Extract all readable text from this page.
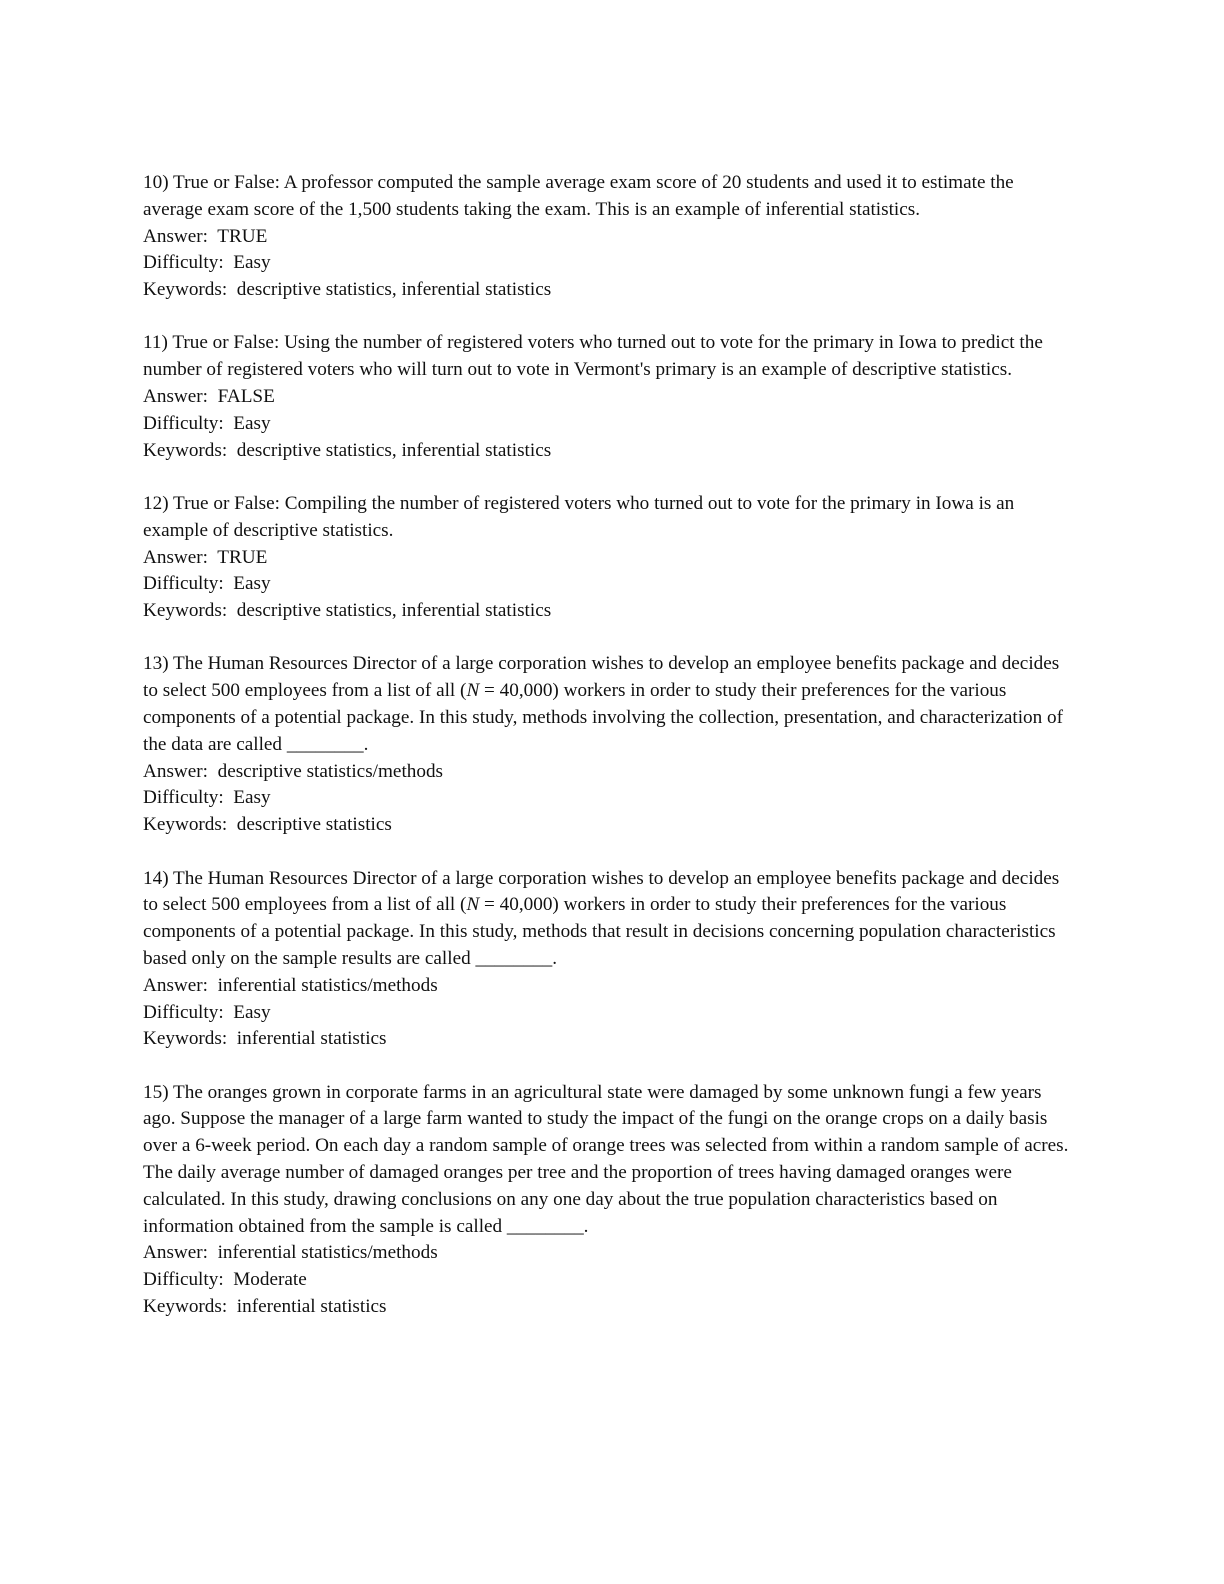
10) True or False: A professor computed the sample average exam score of 20 students and used it to estimate the average exam score of the 1,500 students taking the exam. This is an example of inferential statistics.

Answer:  TRUE

Difficulty:  Easy

Keywords:  descriptive statistics, inferential statistics

11) True or False: Using the number of registered voters who turned out to vote for the primary in Iowa to predict the number of registered voters who will turn out to vote in Vermont's primary is an example of descriptive statistics.

Answer:  FALSE

Difficulty:  Easy

Keywords:  descriptive statistics, inferential statistics

12) True or False: Compiling the number of registered voters who turned out to vote for the primary in Iowa is an example of descriptive statistics.

Answer:  TRUE

Difficulty:  Easy

Keywords:  descriptive statistics, inferential statistics

13) The Human Resources Director of a large corporation wishes to develop an employee benefits package and decides to select 500 employees from a list of all (N = 40,000) workers in order to study their preferences for the various components of a potential package. In this study, methods involving the collection, presentation, and characterization of the data are called ________.

Answer:  descriptive statistics/methods

Difficulty:  Easy

Keywords:  descriptive statistics

14) The Human Resources Director of a large corporation wishes to develop an employee benefits package and decides to select 500 employees from a list of all (N = 40,000) workers in order to study their preferences for the various components of a potential package. In this study, methods that result in decisions concerning population characteristics based only on the sample results are called ________.

Answer:  inferential statistics/methods

Difficulty:  Easy

Keywords:  inferential statistics

15) The oranges grown in corporate farms in an agricultural state were damaged by some unknown fungi a few years ago. Suppose the manager of a large farm wanted to study the impact of the fungi on the orange crops on a daily basis over a 6-week period. On each day a random sample of orange trees was selected from within a random sample of acres. The daily average number of damaged oranges per tree and the proportion of trees having damaged oranges were calculated. In this study, drawing conclusions on any one day about the true population characteristics based on information obtained from the sample is called ________.

Answer:  inferential statistics/methods

Difficulty:  Moderate

Keywords:  inferential statistics
